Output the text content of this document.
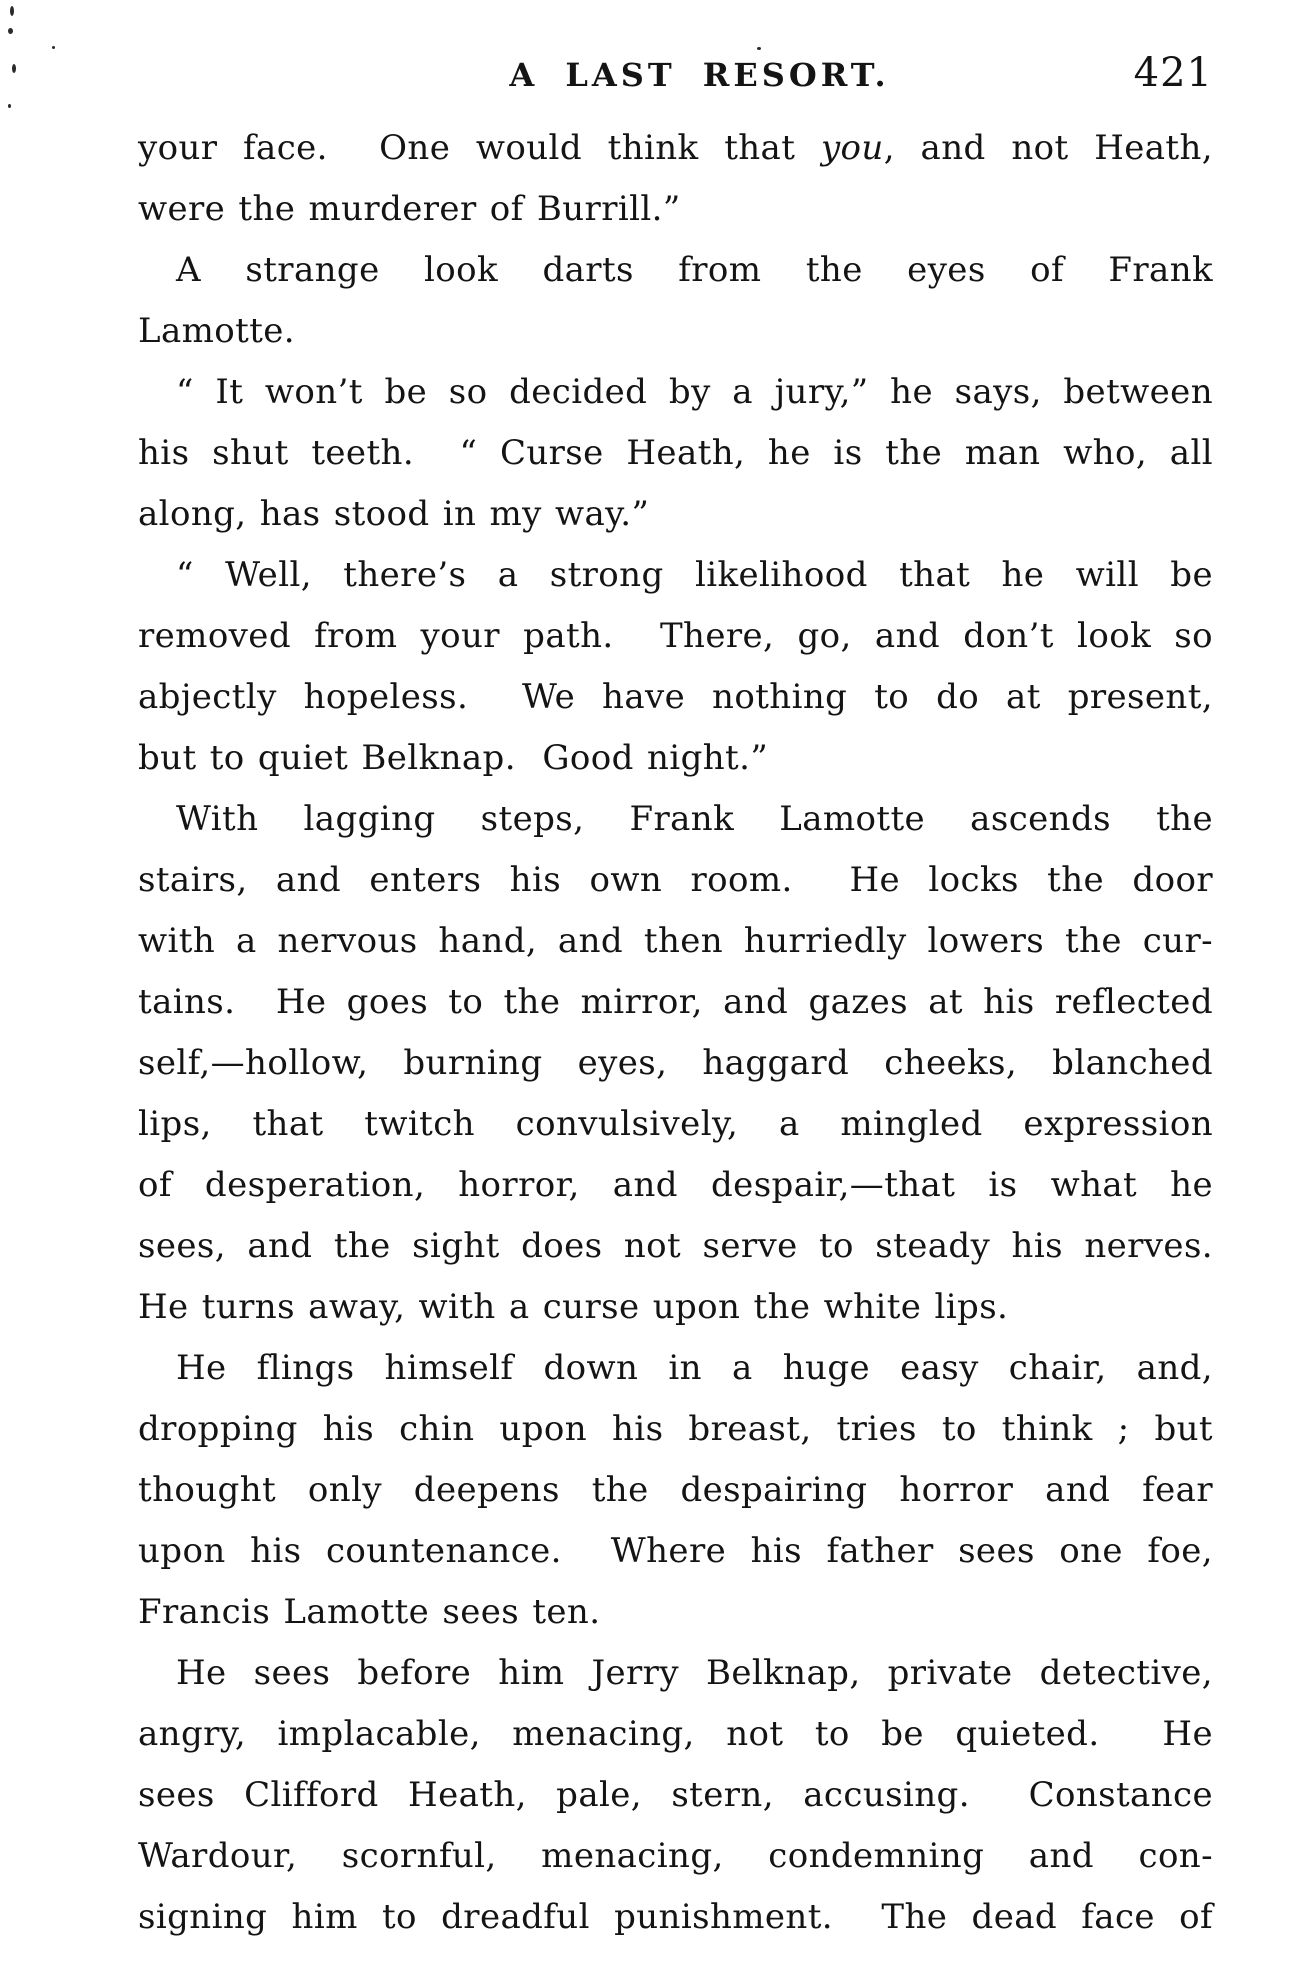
A LAST RESORT.	421
your face.  One would think that you, and not Heath,
were the murderer of Burrill.”
A strange look darts from the eyes of Frank
Lamotte.
“ It won’t be so decided by a jury,” he says, between
his shut teeth.  “ Curse Heath, he is the man who, all
along, has stood in my way.”
“ Well, there’s a strong likelihood that he will be
removed from your path.  There, go, and don’t look so
abjectly hopeless.  We have nothing to do at present,
but to quiet Belknap.  Good night.”
With lagging steps, Frank Lamotte ascends the
stairs, and enters his own room.  He locks the door
with a nervous hand, and then hurriedly lowers the cur-
tains.  He goes to the mirror, and gazes at his reflected
self,—hollow, burning eyes, haggard cheeks, blanched
lips, that twitch convulsively, a mingled expression
of desperation, horror, and despair,—that is what he
sees, and the sight does not serve to steady his nerves.
He turns away, with a curse upon the white lips.
He flings himself down in a huge easy chair, and,
dropping his chin upon his breast, tries to think ; but
thought only deepens the despairing horror and fear
upon his countenance.  Where his father sees one foe,
Francis Lamotte sees ten.
He sees before him Jerry Belknap, private detective,
angry, implacable, menacing, not to be quieted.  He
sees Clifford Heath, pale, stern, accusing.  Constance
Wardour, scornful, menacing, condemning and con-
signing him to dreadful punishment.  The dead face of
